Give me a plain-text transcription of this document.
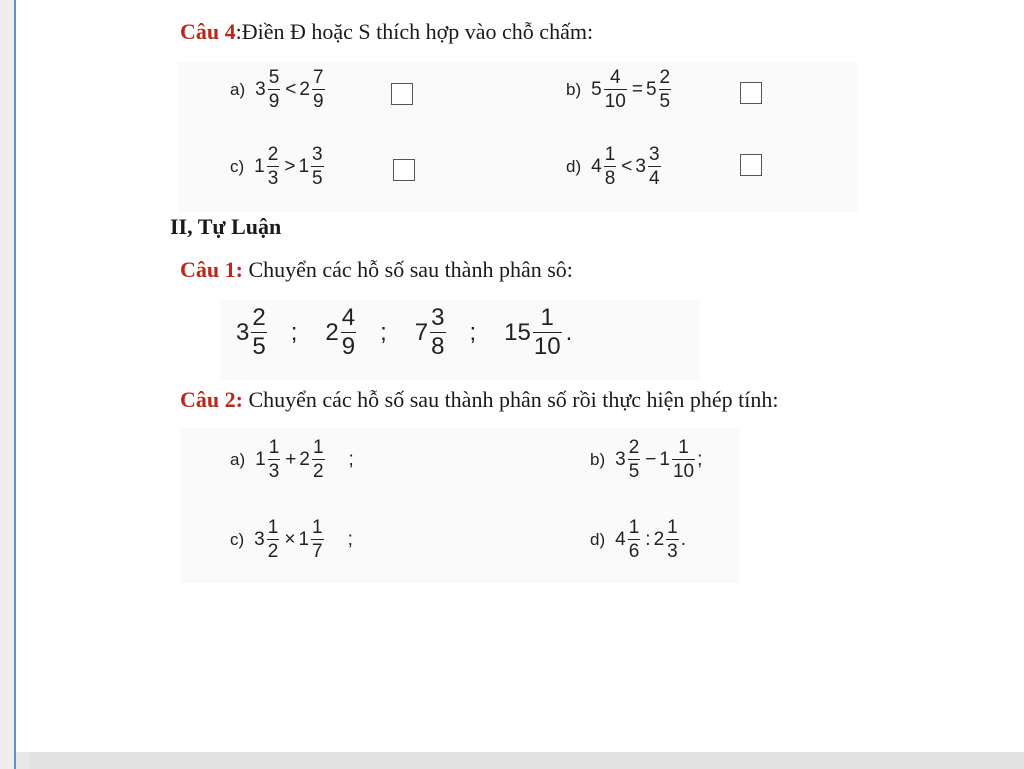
Câu 4:Điền Đ hoặc S thích hợp vào chỗ chấm:
a) $3 \frac{5}{9} < 2 \frac{7}{9}$	b) $5 \frac{4}{10} = 5 \frac{2}{5}$
c) $1 \frac{2}{3} > 1 \frac{3}{5}$	d) $4 \frac{1}{8} < 3 \frac{3}{4}$
II, Tự Luận
Câu 1: Chuyển các hỗ số sau thành phân sô:
$3 \frac{2}{5}$ ; $2 \frac{4}{9}$ ; $7 \frac{3}{8}$ ; $15 \frac{1}{10}$ .
Câu 2: Chuyển các hỗ số sau thành phân số rồi thực hiện phép tính:
a) $1 \frac{1}{3} + 2 \frac{1}{2}$ ;	b) $3 \frac{2}{5} - 1 \frac{1}{10}$ ;
c) $3 \frac{1}{2} \times 1 \frac{1}{7}$ ;	d) $4 \frac{1}{6}$ : $2 \frac{1}{3}$ .
